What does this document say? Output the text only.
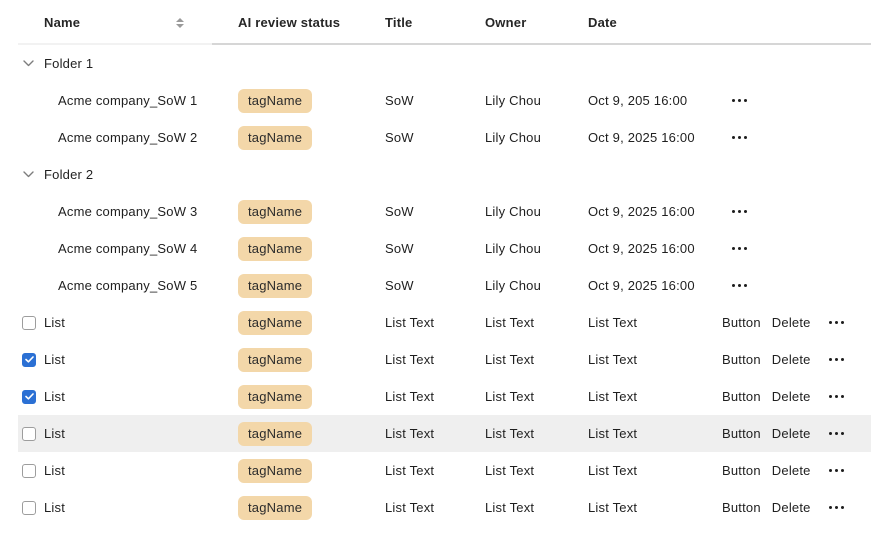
Name	AI review status	Title	Owner	Date
Folder 1
Acme company_SoW 1	tagName	SoW	Lily Chou	Oct 9, 205 16:00
Acme company_SoW 2	tagName	SoW	Lily Chou	Oct 9, 2025 16:00
Folder 2
Acme company_SoW 3	tagName	SoW	Lily Chou	Oct 9, 2025 16:00
Acme company_SoW 4	tagName	SoW	Lily Chou	Oct 9, 2025 16:00
Acme company_SoW 5	tagName	SoW	Lily Chou	Oct 9, 2025 16:00
List	tagName	List Text	List Text	List Text	Button Delete
List	tagName	List Text	List Text	List Text	Button Delete
List	tagName	List Text	List Text	List Text	Button Delete
List	tagName	List Text	List Text	List Text	Button Delete
List	tagName	List Text	List Text	List Text	Button Delete
List	tagName	List Text	List Text	List Text	Button Delete
